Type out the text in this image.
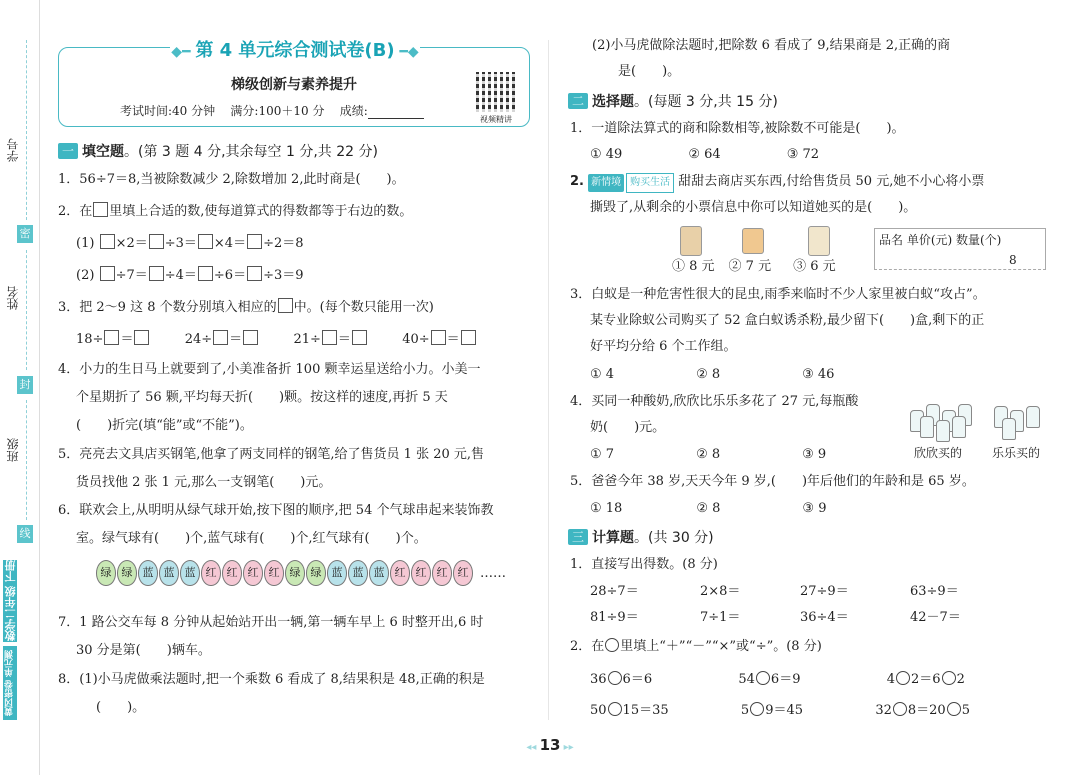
学号
密
姓名
封
班级
线
数学二年级 下册 人教版
黄冈密卷 单元测试卷
◆━ 第 4 单元综合测试卷(B) ━◆
梯级创新与素养提升
考试时间:40 分钟 满分:100＋10 分 成绩:
视频精讲
一 填空题 。(第 3 题 4 分,其余每空 1 分,共 22 分)
1．56÷7＝8,当被除数减少 2,除数增加 2,此时商是(　　)。
2．在 里填上合适的数,使每道算式的得数都等于右边的数。
(1) ×2＝ ÷3＝ ×4＝ ÷2＝8
(2) ÷7＝ ÷4＝ ÷6＝ ÷3＝9
3．把 2～9 这 8 个数分别填入相应的 中。(每个数只能用一次)
18÷ ＝	24÷ ＝	21÷ ＝	40÷ ＝
4．小力的生日马上就要到了,小美准备折 100 颗幸运星送给小力。小美一
个星期折了 56 颗,平均每天折(　　)颗。按这样的速度,再折 5 天
(　　)折完(填“能”或“不能”)。
5．亮亮去文具店买钢笔,他拿了两支同样的钢笔,给了售货员 1 张 20 元,售
货员找他 2 张 1 元,那么一支钢笔(　　)元。
6．联欢会上,从明明从绿气球开始,按下图的顺序,把 54 个气球串起来装饰教
室。绿气球有(　　)个,蓝气球有(　　)个,红气球有(　　)个。
绿 绿 蓝 蓝 蓝 红 红 红 红 绿 绿 蓝 蓝 蓝 红 红 红 红 ……
7．1 路公交车每 8 分钟从起始站开出一辆,第一辆车早上 6 时整开出,6 时
30 分是第(　　)辆车。
8．(1)小马虎做乘法题时,把一个乘数 6 看成了 8,结果积是 48,正确的积是
(　　)。
(2)小马虎做除法题时,把除数 6 看成了 9,结果商是 2,正确的商
是(　　)。
二 选择题 。(每题 3 分,共 15 分)
1．一道除法算式的商和除数相等,被除数不可能是(　　)。
① 49	② 64	③ 72
2. 新情境 购买生活 甜甜去商店买东西,付给售货员 50 元,她不小心将小票
撕毁了,从剩余的小票信息中你可以知道她买的是(　　)。
① 8 元 ② 7 元 ③ 6 元
品名 单价(元) 数量(个)
8
3．白蚁是一种危害性很大的昆虫,雨季来临时不少人家里被白蚁“攻占”。
某专业除蚁公司购买了 52 盒白蚁诱杀粉,最少留下(　　)盒,剩下的正
好平均分给 6 个工作组。
① 4	② 8	③ 46
4．买同一种酸奶,欣欣比乐乐多花了 27 元,每瓶酸
奶(　　)元。
① 7	② 8	③ 9	欣欣买的 乐乐买的
5．爸爸今年 38 岁,天天今年 9 岁,(　　)年后他们的年龄和是 65 岁。
① 18	② 8	③ 9
三 计算题 。(共 30 分)
1．直接写出得数。(8 分)
28÷7＝	2×8＝	27÷9＝	63÷9＝
81÷9＝	7÷1＝	36÷4＝	42－7＝
2．在 里填上“＋”“－”“×”或“÷”。(8 分)
36 6＝6	54 6＝9	4 2＝6 2
50 15＝35	5 9＝45	32 8＝20 5
◂◂ 13 ▸▸
